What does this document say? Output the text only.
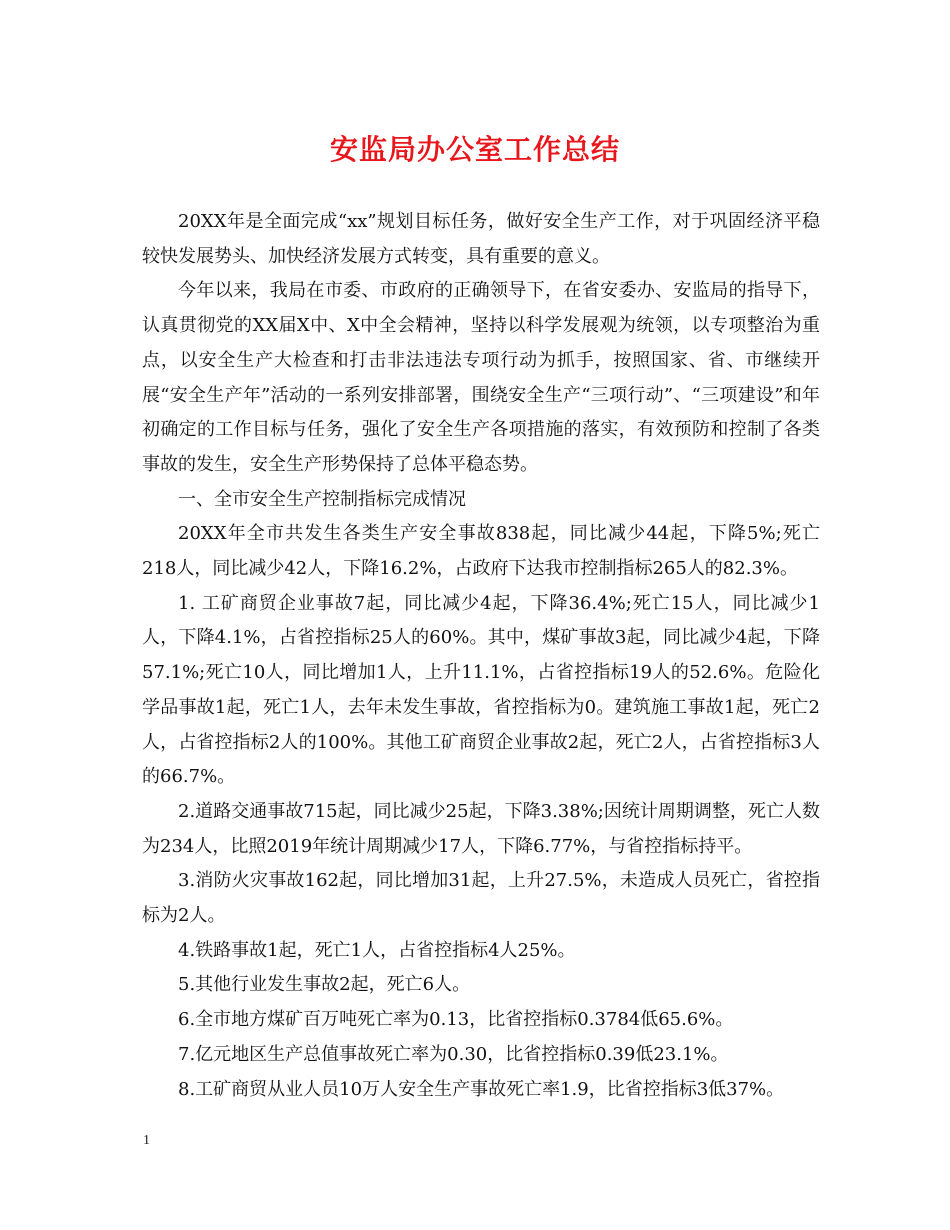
安监局办公室工作总结

20XX年是全面完成“xx”规划目标任务，做好安全生产工作，对于巩固经济平稳较快发展势头、加快经济发展方式转变，具有重要的意义。

今年以来，我局在市委、市政府的正确领导下，在省安委办、安监局的指导下，认真贯彻党的XX届X中、X中全会精神，坚持以科学发展观为统领，以专项整治为重点，以安全生产大检查和打击非法违法专项行动为抓手，按照国家、省、市继续开展“安全生产年”活动的一系列安排部署，围绕安全生产“三项行动”、“三项建设”和年初确定的工作目标与任务，强化了安全生产各项措施的落实，有效预防和控制了各类事故的发生，安全生产形势保持了总体平稳态势。

一、全市安全生产控制指标完成情况

20XX年全市共发生各类生产安全事故838起，同比减少44起，下降5%;死亡218人，同比减少42人，下降16.2%，占政府下达我市控制指标265人的82.3%。

1. 工矿商贸企业事故7起，同比减少4起，下降36.4%;死亡15人，同比减少1人，下降4.1%，占省控指标25人的60%。其中，煤矿事故3起，同比减少4起，下降57.1%;死亡10人，同比增加1人，上升11.1%，占省控指标19人的52.6%。危险化学品事故1起，死亡1人，去年未发生事故，省控指标为0。建筑施工事故1起，死亡2人，占省控指标2人的100%。其他工矿商贸企业事故2起，死亡2人，占省控指标3人的66.7%。

2.道路交通事故715起，同比减少25起，下降3.38%;因统计周期调整，死亡人数为234人，比照2019年统计周期减少17人，下降6.77%，与省控指标持平。

3.消防火灾事故162起，同比增加31起，上升27.5%，未造成人员死亡，省控指标为2人。

4.铁路事故1起，死亡1人，占省控指标4人25%。

5.其他行业发生事故2起，死亡6人。

6.全市地方煤矿百万吨死亡率为0.13，比省控指标0.3784低65.6%。

7.亿元地区生产总值事故死亡率为0.30，比省控指标0.39低23.1%。

8.工矿商贸从业人员10万人安全生产事故死亡率1.9，比省控指标3低37%。

1
